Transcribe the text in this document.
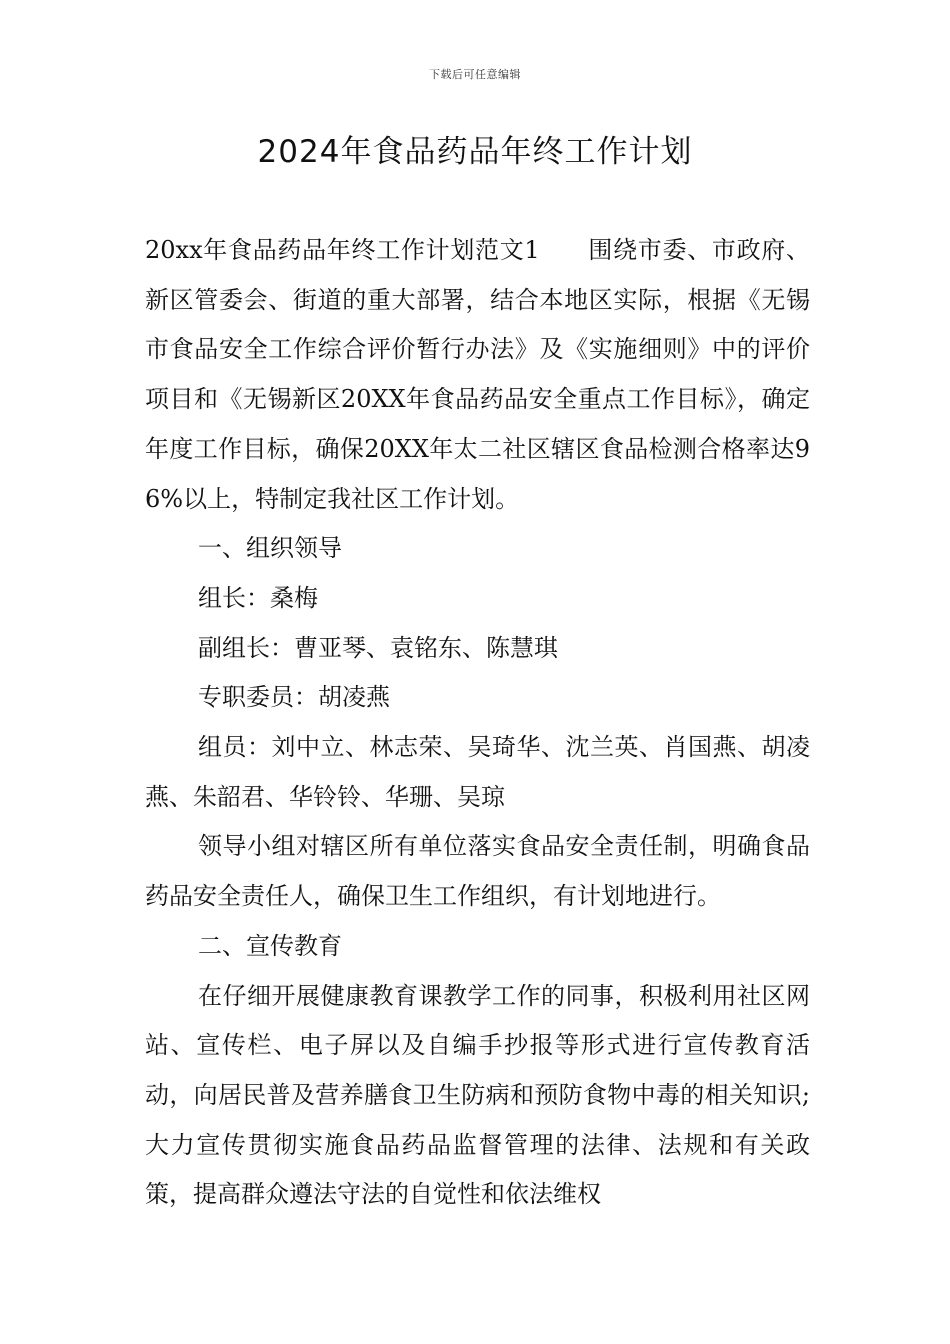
下载后可任意编辑
2024年食品药品年终工作计划

20xx年食品药品年终工作计划范文1 围绕市委、市政府、新区管委会、街道的重大部署，结合本地区实际，根据《无锡市食品安全工作综合评价暂行办法》及《实施细则》中的评价项目和《无锡新区20XX年食品药品安全重点工作目标》，确定年度工作目标，确保20XX年太二社区辖区食品检测合格率达96%以上，特制定我社区工作计划。

一、组织领导

组长：桑梅

副组长：曹亚琴、袁铭东、陈慧琪

专职委员：胡凌燕

组员：刘中立、林志荣、吴琦华、沈兰英、肖国燕、胡凌燕、朱韶君、华铃铃、华珊、吴琼

领导小组对辖区所有单位落实食品安全责任制，明确食品药品安全责任人，确保卫生工作组织，有计划地进行。

二、宣传教育

在仔细开展健康教育课教学工作的同事，积极利用社区网站、宣传栏、电子屏以及自编手抄报等形式进行宣传教育活动，向居民普及营养膳食卫生防病和预防食物中毒的相关知识;大力宣传贯彻实施食品药品监督管理的法律、法规和有关政策，提高群众遵法守法的自觉性和依法维权
